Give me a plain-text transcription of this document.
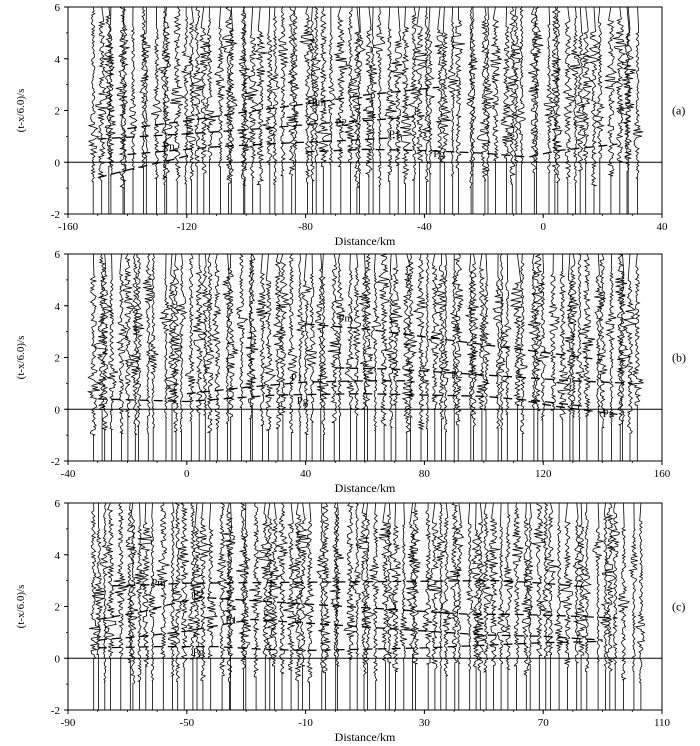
Pg
P1
P2
Pm
Pn
-160	-120	-80	-40	0	40
-2
0
2
4
6
Distance/km
(t-x/6.0)/s	(a)
Pg
P1	P2
Pm
Pn
-40	0	40	80	120	160
-2
0
2
4
6
Distance/km
(t-x/6.0)/s	(b)
Pg
P1
P2
Pm
-90	-50	-10	30	70	110
-2
0
2
4
6
Distance/km
(t-x/6.0)/s	(c)
